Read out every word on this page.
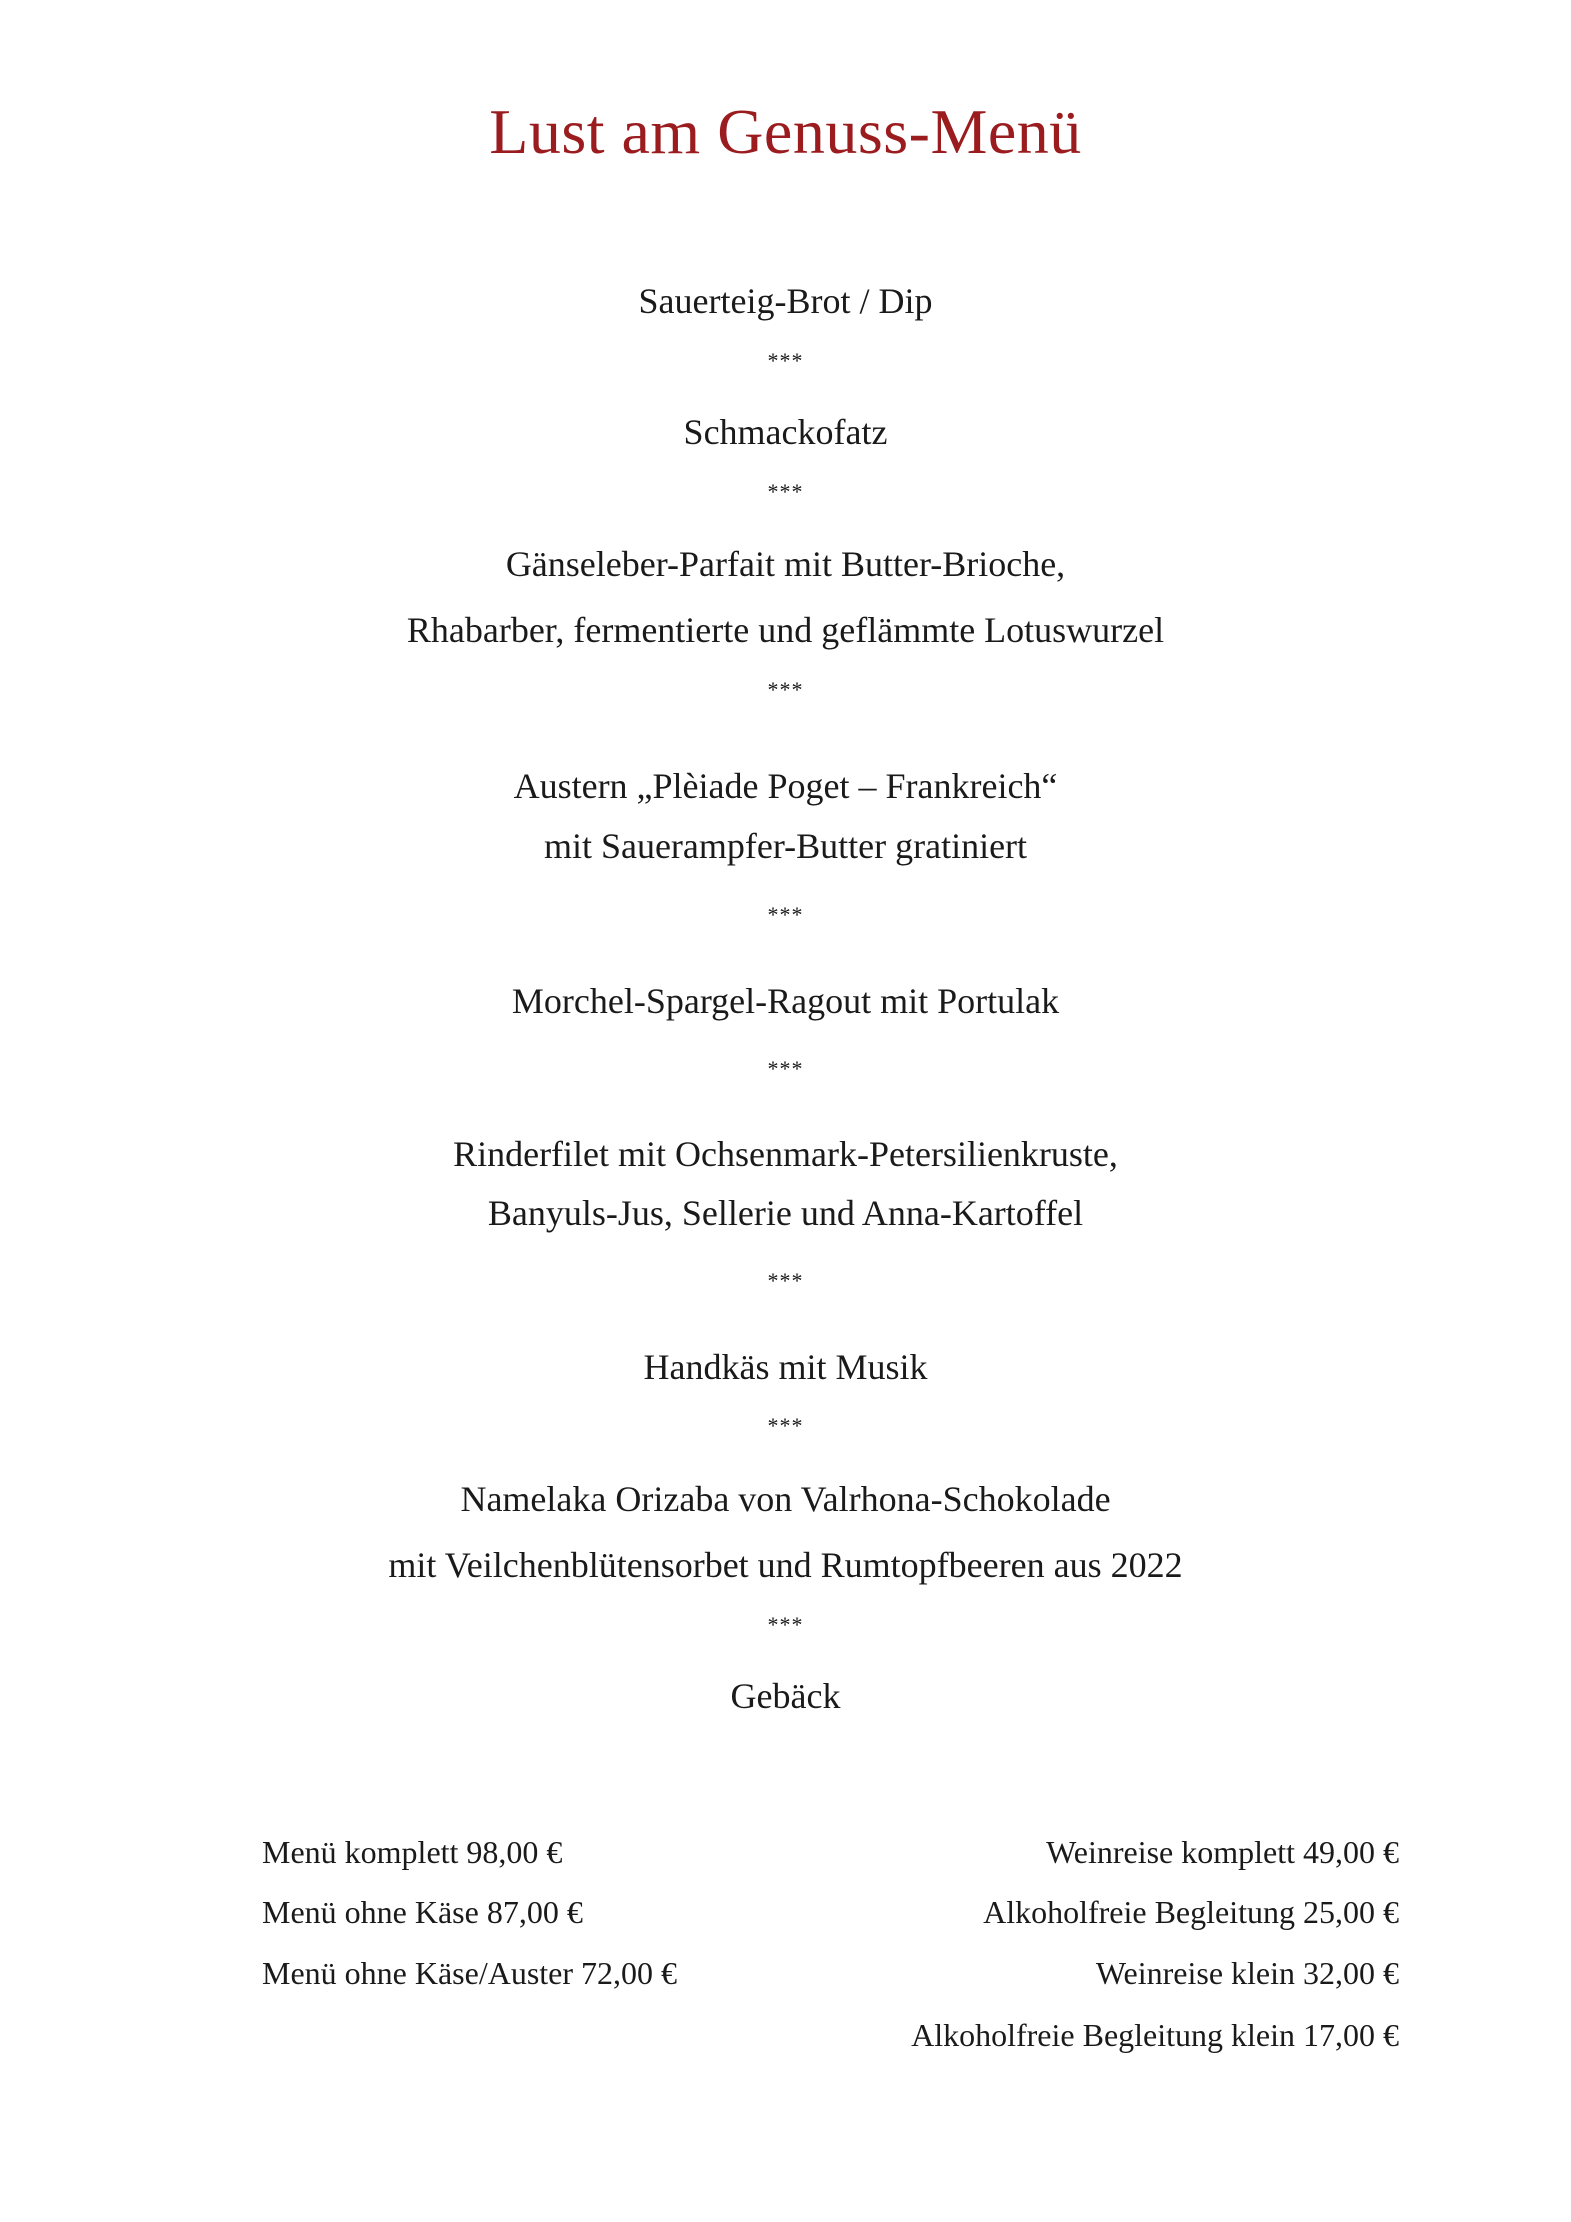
Lust am Genuss-Menü
Sauerteig-Brot / Dip
***
Schmackofatz
***
Gänseleber-Parfait mit Butter-Brioche,
Rhabarber, fermentierte und geflämmte Lotuswurzel
***
Austern „Plèiade Poget – Frankreich“
mit Sauerampfer-Butter gratiniert
***
Morchel-Spargel-Ragout mit Portulak
***
Rinderfilet mit Ochsenmark-Petersilienkruste,
Banyuls-Jus, Sellerie und Anna-Kartoffel
***
Handkäs mit Musik
***
Namelaka Orizaba von Valrhona-Schokolade
mit Veilchenblütensorbet und Rumtopfbeeren aus 2022
***
Gebäck
Menü komplett 98,00 €
Menü ohne Käse 87,00 €
Menü ohne Käse/Auster 72,00 €
Weinreise komplett 49,00 €
Alkoholfreie Begleitung 25,00 €
Weinreise klein 32,00 €
Alkoholfreie Begleitung klein 17,00 €
